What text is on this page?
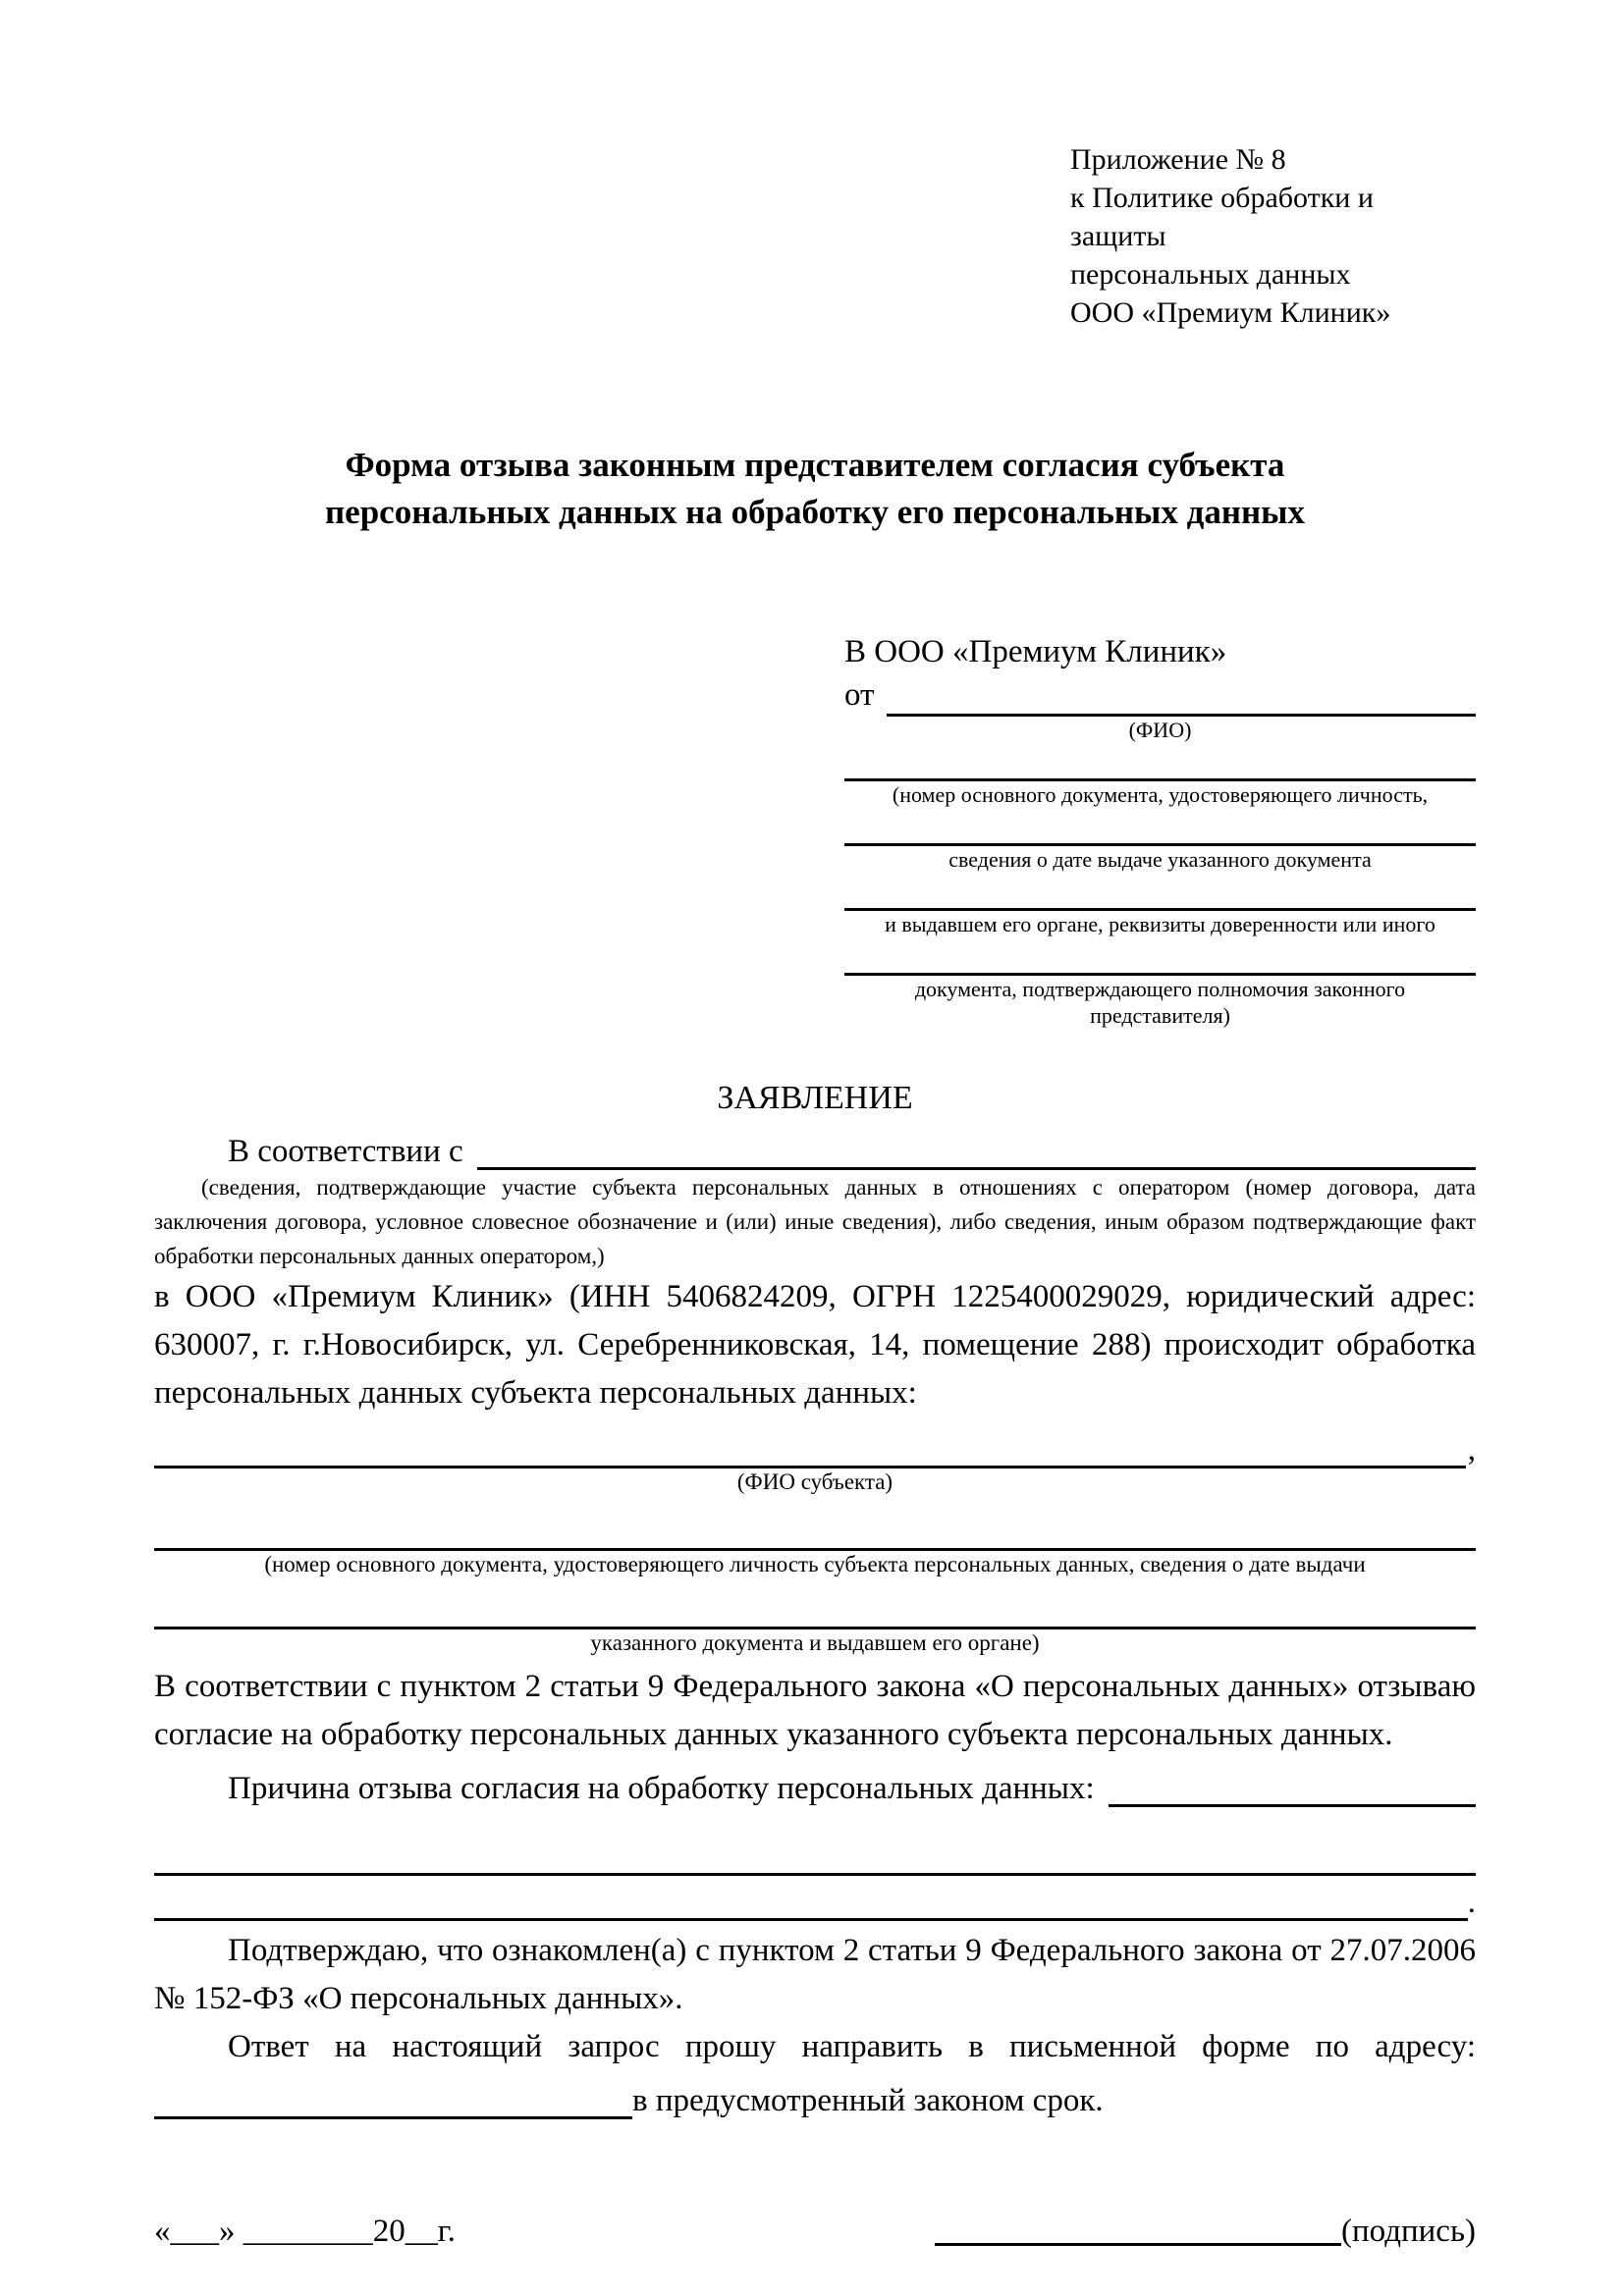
Приложение № 8
к Политике обработки и защиты
персональных данных
ООО «Премиум Клиник»
Форма отзыва законным представителем согласия субъекта
персональных данных на обработку его персональных данных
В ООО «Премиум Клиник»
от
(ФИО)
(номер основного документа, удостоверяющего личность,
сведения о дате выдаче указанного документа
и выдавшем его органе, реквизиты доверенности или иного
документа, подтверждающего полномочия законного представителя)
ЗАЯВЛЕНИЕ
В соответствии с
(сведения, подтверждающие участие субъекта персональных данных в отношениях с оператором (номер договора, дата
заключения договора, условное словесное обозначение и (или) иные сведения), либо сведения, иным образом подтверждающие факт
обработки персональных данных оператором,)
в ООО «Премиум Клиник» (ИНН 5406824209, ОГРН 1225400029029, юридический адрес: 630007, г. г.Новосибирск, ул. Серебренниковская, 14, помещение 288) происходит обработка персональных данных субъекта персональных данных:
,
(ФИО субъекта)
(номер основного документа, удостоверяющего личность субъекта персональных данных, сведения о дате выдачи
указанного документа и выдавшем его органе)
В соответствии с пунктом 2 статьи 9 Федерального закона «О персональных данных» отзываю согласие на обработку персональных данных указанного субъекта персональных данных.
Причина отзыва согласия на обработку персональных данных:
.
Подтверждаю, что ознакомлен(а) с пунктом 2 статьи 9 Федерального закона от 27.07.2006 № 152-ФЗ «О персональных данных».
Ответ на настоящий запрос прошу направить в письменной форме по адресу:
в предусмотренный законом срок.
«___» ________20__г.	(подпись)
